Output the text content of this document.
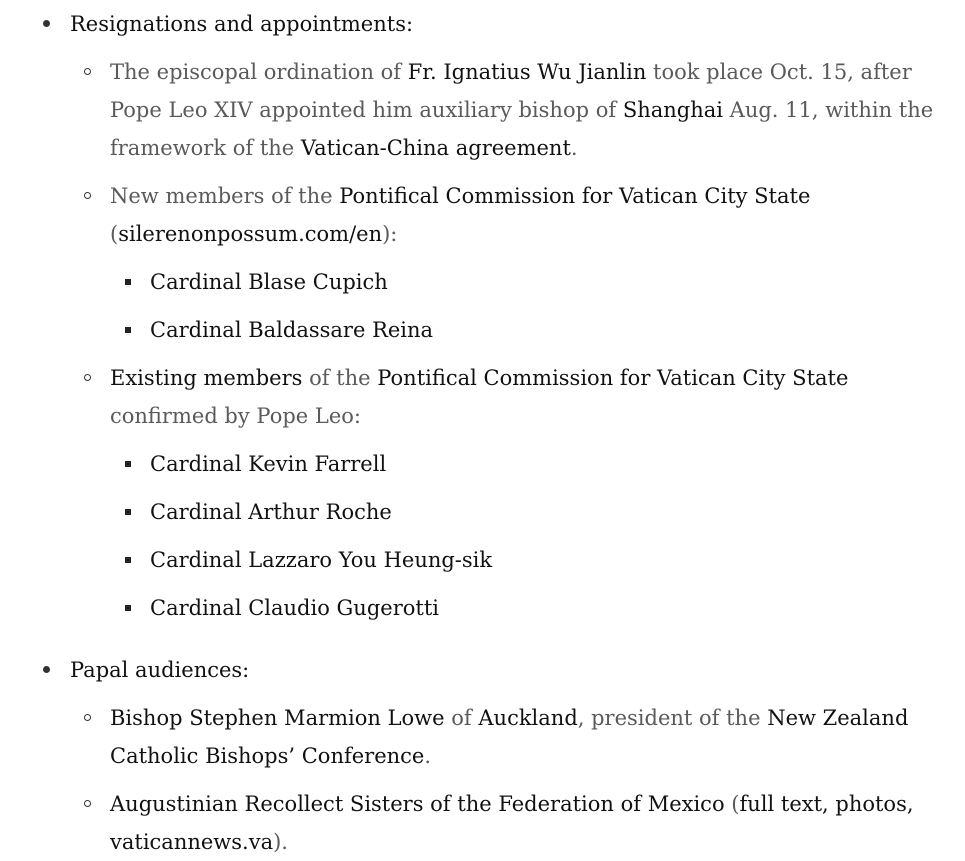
Resignations and appointments:
The episcopal ordination of Fr. Ignatius Wu Jianlin took place Oct. 15, after
Pope Leo XIV appointed him auxiliary bishop of Shanghai Aug. 11, within the
framework of the Vatican-China agreement.
New members of the Pontifical Commission for Vatican City State
(silerenonpossum.com/en):
Cardinal Blase Cupich
Cardinal Baldassare Reina
Existing members of the Pontifical Commission for Vatican City State
confirmed by Pope Leo:
Cardinal Kevin Farrell
Cardinal Arthur Roche
Cardinal Lazzaro You Heung-sik
Cardinal Claudio Gugerotti
Papal audiences:
Bishop Stephen Marmion Lowe of Auckland, president of the New Zealand
Catholic Bishops’ Conference.
Augustinian Recollect Sisters of the Federation of Mexico (full text, photos,
vaticannews.va).
